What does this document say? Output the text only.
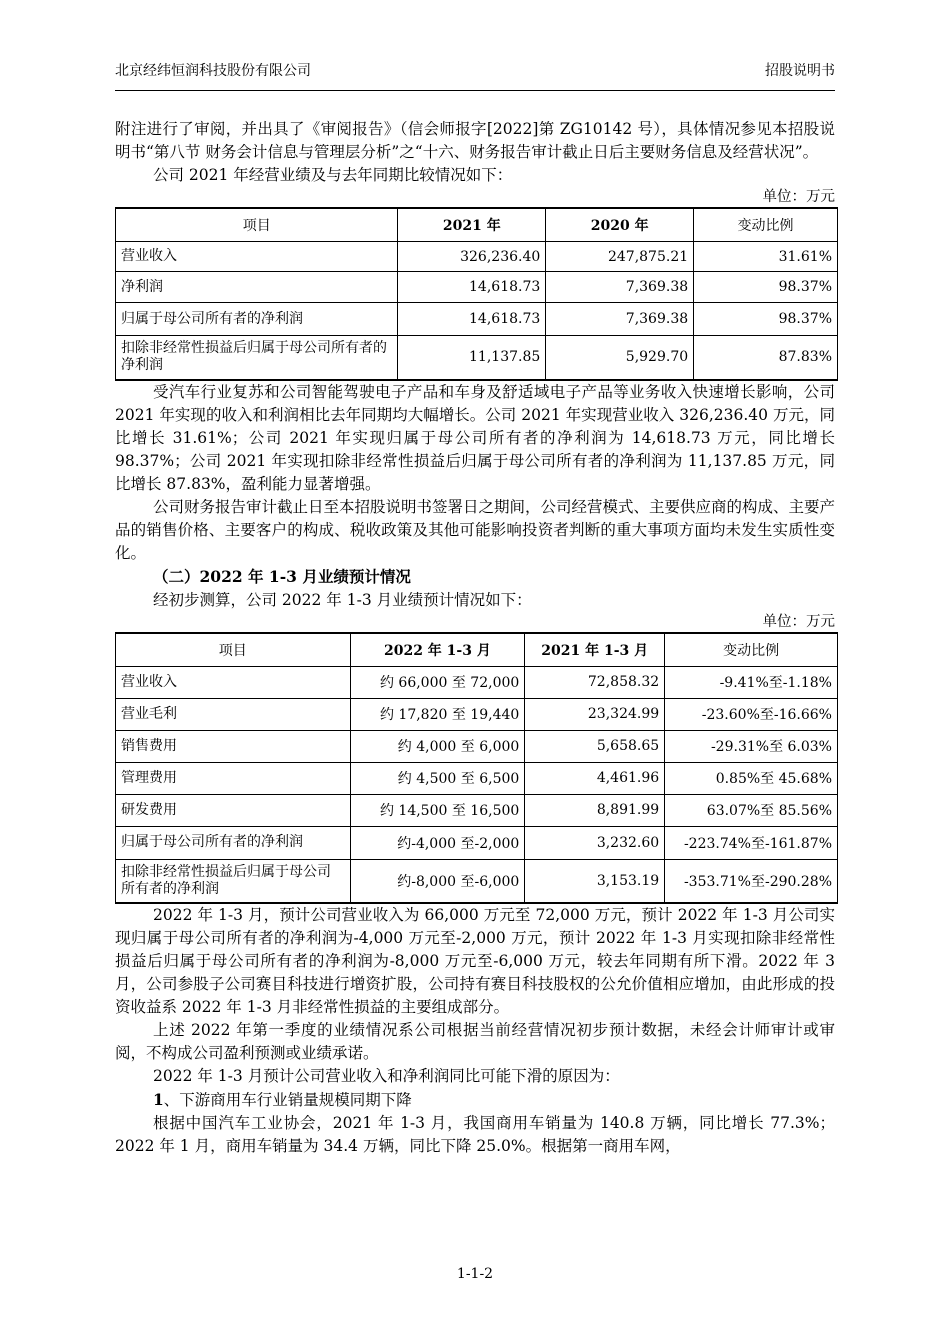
北京经纬恒润科技股份有限公司	招股说明书

附注进行了审阅，并出具了《审阅报告》（信会师报字[2022]第 ZG10142 号），具体情况参见本招股说明书“第八节 财务会计信息与管理层分析”之“十六、财务报告审计截止日后主要财务信息及经营状况”。

公司 2021 年经营业绩及与去年同期比较情况如下：

单位：万元
项目	2021 年	2020 年	变动比例
营业收入	326,236.40	247,875.21	31.61%
净利润	14,618.73	7,369.38	98.37%
归属于母公司所有者的净利润	14,618.73	7,369.38	98.37%
扣除非经常性损益后归属于母公司所有者的净利润	11,137.85	5,929.70	87.83%

受汽车行业复苏和公司智能驾驶电子产品和车身及舒适域电子产品等业务收入快速增长影响，公司 2021 年实现的收入和利润相比去年同期均大幅增长。公司 2021 年实现营业收入 326,236.40 万元，同比增长 31.61%；公司 2021 年实现归属于母公司所有者的净利润为 14,618.73 万元，同比增长 98.37%；公司 2021 年实现扣除非经常性损益后归属于母公司所有者的净利润为 11,137.85 万元，同比增长 87.83%，盈利能力显著增强。

公司财务报告审计截止日至本招股说明书签署日之期间，公司经营模式、主要供应商的构成、主要产品的销售价格、主要客户的构成、税收政策及其他可能影响投资者判断的重大事项方面均未发生实质性变化。

（二）2022 年 1-3 月业绩预计情况

经初步测算，公司 2022 年 1-3 月业绩预计情况如下：

单位：万元
项目	2022 年 1-3 月	2021 年 1-3 月	变动比例
营业收入	约 66,000 至 72,000	72,858.32	-9.41%至-1.18%
营业毛利	约 17,820 至 19,440	23,324.99	-23.60%至-16.66%
销售费用	约 4,000 至 6,000	5,658.65	-29.31%至 6.03%
管理费用	约 4,500 至 6,500	4,461.96	0.85%至 45.68%
研发费用	约 14,500 至 16,500	8,891.99	63.07%至 85.56%
归属于母公司所有者的净利润	约-4,000 至-2,000	3,232.60	-223.74%至-161.87%
扣除非经常性损益后归属于母公司所有者的净利润	约-8,000 至-6,000	3,153.19	-353.71%至-290.28%

2022 年 1-3 月，预计公司营业收入为 66,000 万元至 72,000 万元，预计 2022 年 1-3 月公司实现归属于母公司所有者的净利润为-4,000 万元至-2,000 万元，预计 2022 年 1-3 月实现扣除非经常性损益后归属于母公司所有者的净利润为-8,000 万元至-6,000 万元，较去年同期有所下滑。2022 年 3 月，公司参股子公司赛目科技进行增资扩股，公司持有赛目科技股权的公允价值相应增加，由此形成的投资收益系 2022 年 1-3 月非经常性损益的主要组成部分。

上述 2022 年第一季度的业绩情况系公司根据当前经营情况初步预计数据，未经会计师审计或审阅，不构成公司盈利预测或业绩承诺。

2022 年 1-3 月预计公司营业收入和净利润同比可能下滑的原因为：

1、下游商用车行业销量规模同期下降

根据中国汽车工业协会，2021 年 1-3 月，我国商用车销量为 140.8 万辆，同比增长 77.3%；2022 年 1 月，商用车销量为 34.4 万辆，同比下降 25.0%。根据第一商用车网，

1-1-2
